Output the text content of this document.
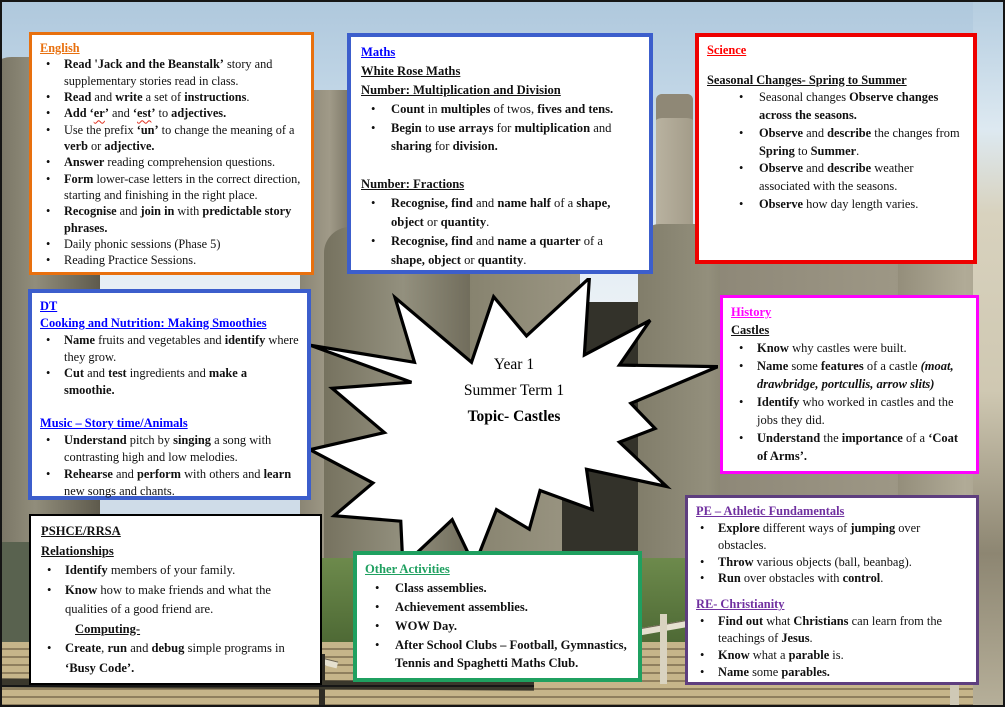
Year 1
Summer Term 1
Topic- Castles
English
•	Read 'Jack and the Beanstalk’ story and supplementary stories read in class.
•	Read and write a set of instructions.
•	Add ‘er’ and ‘est’ to adjectives.
•	Use the prefix ‘un’ to change the meaning of a verb or adjective.
•	Answer reading comprehension questions.
•	Form lower-case letters in the correct direction, starting and finishing in the right place.
•	Recognise and join in with predictable story phrases.
•	Daily phonic sessions (Phase 5)
•	Reading Practice Sessions.
Maths
White Rose Maths
Number: Multiplication and Division
•	Count in multiples of twos, fives and tens.
•	Begin to use arrays for multiplication and sharing for division.
Number: Fractions
•	Recognise, find and name half of a shape, object or quantity.
•	Recognise, find and name a quarter of a shape, object or quantity.
Science
Seasonal Changes- Spring to Summer
•	Seasonal changes Observe changes across the seasons.
•	Observe and describe the changes from Spring to Summer.
•	Observe and describe weather associated with the seasons.
•	Observe how day length varies.
DT
Cooking and Nutrition: Making Smoothies
•	Name fruits and vegetables and identify where they grow.
•	Cut and test ingredients and make a smoothie.
Music – Story time/Animals
•	Understand pitch by singing a song with contrasting high and low melodies.
•	Rehearse and perform with others and learn new songs and chants.
History
Castles
•	Know why castles were built.
•	Name some features of a castle (moat, drawbridge, portcullis, arrow slits)
•	Identify who worked in castles and the jobs they did.
•	Understand the importance of a ‘Coat of Arms’.
PSHCE/RRSA
Relationships
•	Identify members of your family.
•	Know how to make friends and what the qualities of a good friend are.
Computing-
•	Create, run and debug simple programs in ‘Busy Code’.
Other Activities
•	Class assemblies.
•	Achievement assemblies.
•	WOW Day.
•	After School Clubs – Football, Gymnastics, Tennis and Spaghetti Maths Club.
PE – Athletic Fundamentals
•	Explore different ways of jumping over obstacles.
•	Throw various objects (ball, beanbag).
•	Run over obstacles with control.
RE- Christianity
•	Find out what Christians can learn from the teachings of Jesus.
•	Know what a parable is.
•	Name some parables.
